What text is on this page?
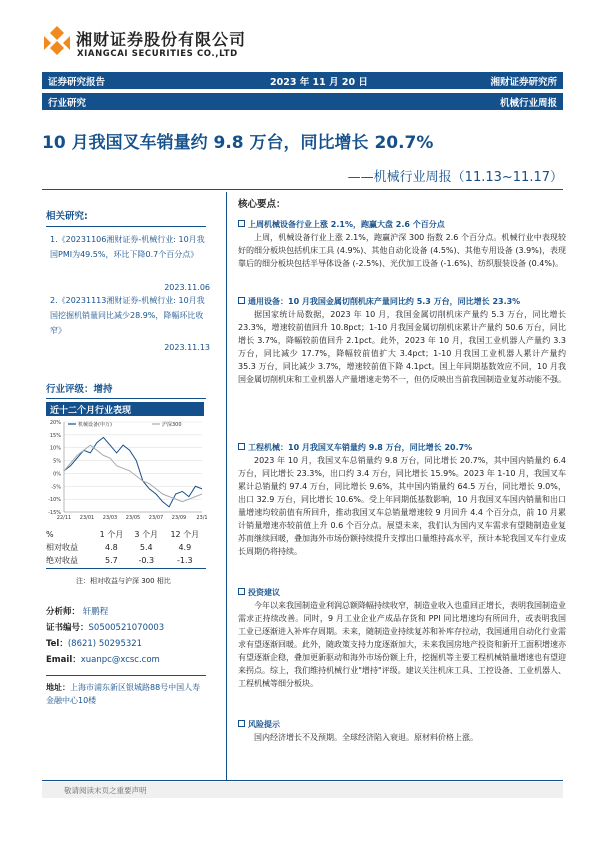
湘财证券股份有限公司
XIANGCAI SECURITIES CO.,LTD
证券研究报告	2023 年 11 月 20 日	湘财证券研究所
行业研究	机械行业周报
10 月我国叉车销量约 9.8 万台，同比增长 20.7%
——机械行业周报（11.13~11.17）
相关研究:
1.《20231106湘财证券-机械行业: 10月我国PMI为49.5%，环比下降0.7个百分点》
2023.11.06
2.《20231113湘财证券-机械行业: 10月我国挖掘机销量同比减少28.9%，降幅环比收窄》
2023.11.13
行业评级：增持
近十二个月行业表现
20%
15%
10%
5%
0%
-5%
-10%
-15%
22/11 23/01 23/03 23/05 23/07 23/09 23/1
机械设备(申万)	沪深300
%	1 个月	3 个月	12 个月
相对收益	4.8	5.4	4.9
绝对收益	5.7	-0.3	-1.3
注：相对收益与沪深 300 相比
分析师： 轩鹏程
证书编号：S0500521070003
Tel：(8621) 50295321
Email：xuanpc@xcsc.com
地址：上海市浦东新区银城路88号中国人寿金融中心10楼
核心要点：
上周机械设备行业上涨 2.1%，跑赢大盘 2.6 个百分点

上周，机械设备行业上涨 2.1%，跑赢沪深 300 指数 2.6 个百分点。机械行业中表现较好的细分板块包括机床工具 (4.9%)、其他自动化设备 (4.5%)、其他专用设备 (3.9%)，表现靠后的细分板块包括半导体设备 (-2.5%)、光伏加工设备 (-1.6%)、纺织服装设备 (0.4%)。

通用设备：10 月我国金属切削机床产量同比约 5.3 万台，同比增长 23.3%

据国家统计局数据，2023 年 10 月，我国金属切削机床产量约 5.3 万台，同比增长 23.3%，增速较前值回升 10.8pct；1-10 月我国金属切削机床累计产量约 50.6 万台，同比增长 3.7%，降幅较前值回升 2.1pct。此外，2023 年 10 月，我国工业机器人产量约 3.3 万台，同比减少 17.7%，降幅较前值扩大 3.4pct；1-10 月我国工业机器人累计产量约 35.3 万台，同比减少 3.7%，增速较前值下降 4.1pct。国上年同期基数效应不同，10 月我国金属切削机床和工业机器人产量增速走势不一，但仍反映出当前我国制造业复苏动能不强。

工程机械：10 月我国叉车销量约 9.8 万台，同比增长 20.7%

2023 年 10 月，我国叉车总销量约 9.8 万台，同比增长 20.7%，其中国内销量约 6.4 万台，同比增长 23.3%，出口约 3.4 万台，同比增长 15.9%。2023 年 1-10 月，我国叉车累计总销量约 97.4 万台，同比增长 9.6%，其中国内销量约 64.5 万台，同比增长 9.0%，出口 32.9 万台，同比增长 10.6%。受上年同期低基数影响，10 月我国叉车国内销量和出口量增速均较前值有所回升，推动我国叉车总销量增速较 9 月回升 4.4 个百分点，前 10 月累计销量增速亦较前值上升 0.6 个百分点。展望未来，我们认为国内叉车需求有望随制造业复苏而继续回暖，叠加海外市场份额持续提升支撑出口量维持高水平，预计本轮我国叉车行业成长周期仍将持续。

投资建议

今年以来我国制造业利润总额降幅持续收窄，制造业收入也重回正增长，表明我国制造业需求正持续改善。同时，9 月工业企业产成品存货和 PPI 同比增速均有所回升，或表明我国工业已逐渐进入补库存周期。未来，随制造业持续复苏和补库存拉动，我国通用自动化行业需求有望逐渐回暖。此外，随政策支持力度逐渐加大，未来我国房地产投资和新开工面积增速亦有望逐渐企稳，叠加更新驱动和海外市场份额上升，挖掘机等主要工程机械销量增速也有望迎来拐点。综上，我们维持机械行业"增持"评级。建议关注机床工具、工控设备、工业机器人、工程机械等细分板块。

风险提示

国内经济增长不及预期。全球经济陷入衰退。原材料价格上涨。

敬请阅读末页之重要声明
